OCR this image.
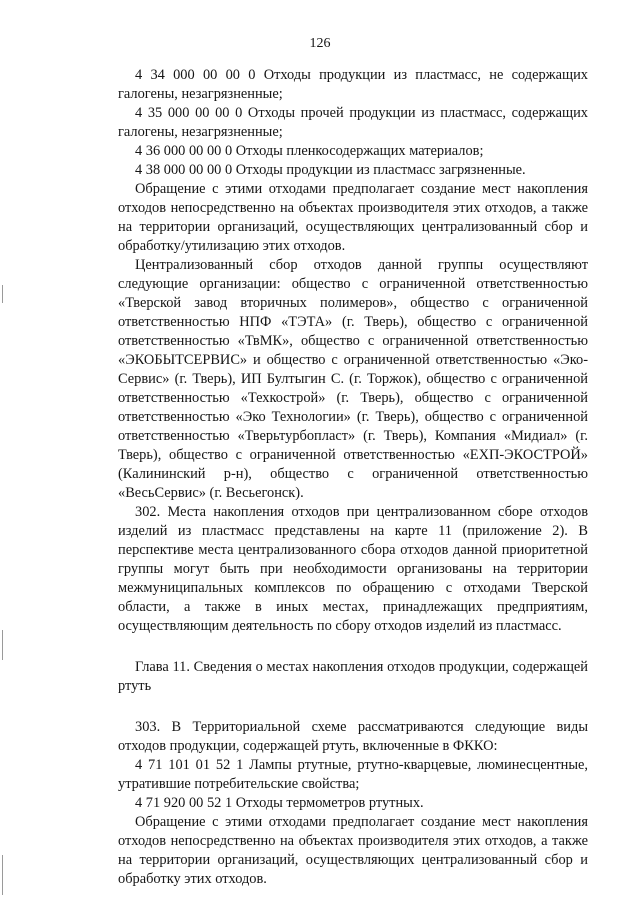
126

4 34 000 00 00 0 Отходы продукции из пластмасс, не содержащих галогены, незагрязненные;

4 35 000 00 00 0 Отходы прочей продукции из пластмасс, содержащих галогены, незагрязненные;

4 36 000 00 00 0 Отходы пленкосодержащих материалов;

4 38 000 00 00 0 Отходы продукции из пластмасс загрязненные.

Обращение с этими отходами предполагает создание мест накопления отходов непосредственно на объектах производителя этих отходов, а также на территории организаций, осуществляющих централизованный сбор и обработку/утилизацию этих отходов.

Централизованный сбор отходов данной группы осуществляют следующие организации: общество с ограниченной ответственностью «Тверской завод вторичных полимеров», общество с ограниченной ответственностью НПФ «ТЭТА» (г. Тверь), общество с ограниченной ответственностью «ТвМК», общество с ограниченной ответственностью «ЭКОБЫТСЕРВИС» и общество с ограниченной ответственностью «Эко-Сервис» (г. Тверь), ИП Бултыгин С. (г. Торжок), общество с ограниченной ответственностью «Техкострой» (г. Тверь), общество с ограниченной ответственностью «Эко Технологии» (г. Тверь), общество с ограниченной ответственностью «Тверьтурбопласт» (г. Тверь), Компания «Мидиал» (г. Тверь), общество с ограниченной ответственностью «ЕХП-ЭКОСТРОЙ» (Калининский р-н), общество с ограниченной ответственностью «ВесьСервис» (г. Весьегонск).

302. Места накопления отходов при централизованном сборе отходов изделий из пластмасс представлены на карте 11 (приложение 2). В перспективе места централизованного сбора отходов данной приоритетной группы могут быть при необходимости организованы на территории межмуниципальных комплексов по обращению с отходами Тверской области, а также в иных местах, принадлежащих предприятиям, осуществляющим деятельность по сбору отходов изделий из пластмасс.

Глава 11. Сведения о местах накопления отходов продукции, содержащей ртуть

303. В Территориальной схеме рассматриваются следующие виды отходов продукции, содержащей ртуть, включенные в ФККО:

4 71 101 01 52 1 Лампы ртутные, ртутно-кварцевые, люминесцентные, утратившие потребительские свойства;

4 71 920 00 52 1 Отходы термометров ртутных.

Обращение с этими отходами предполагает создание мест накопления отходов непосредственно на объектах производителя этих отходов, а также на территории организаций, осуществляющих централизованный сбор и обработку этих отходов.
